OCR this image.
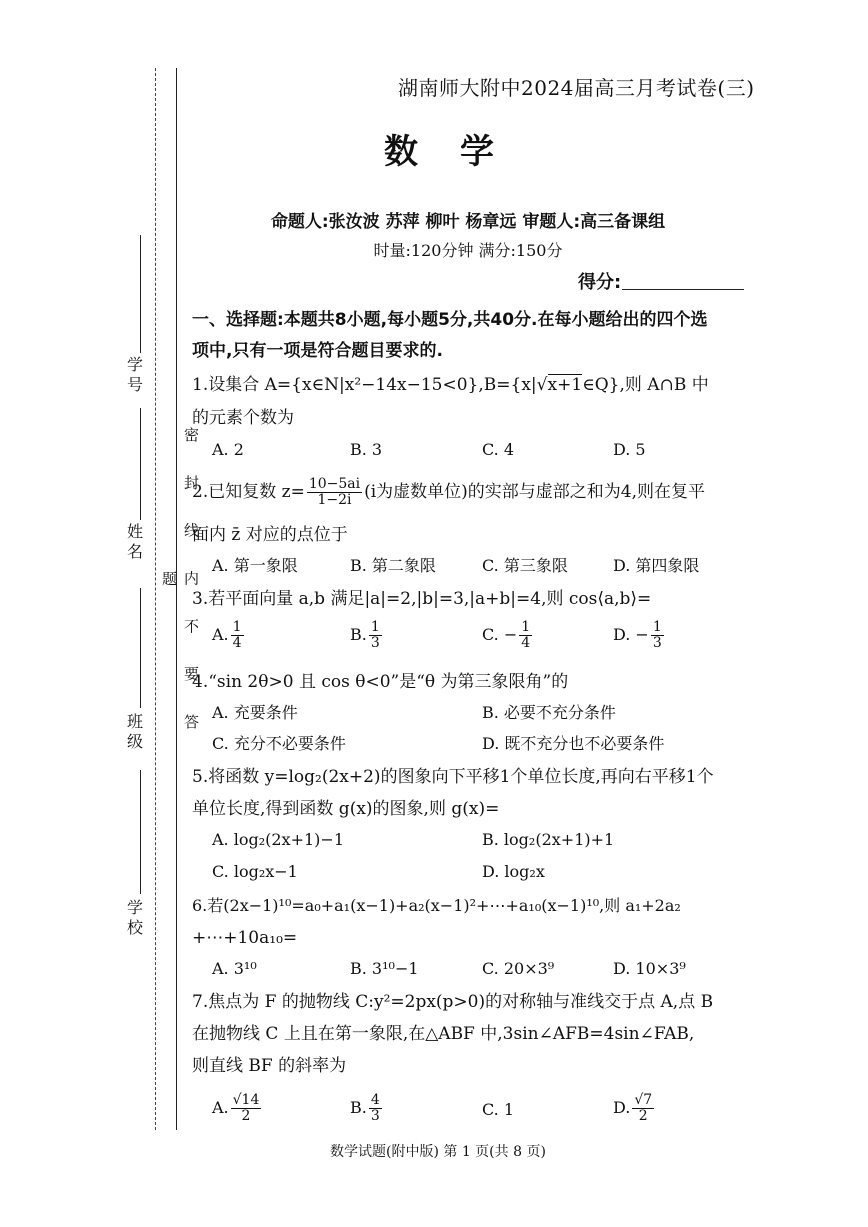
学 号
姓 名
班 级
学 校
密 封 线 内 不 要 答 题
湖南师大附中2024届高三月考试卷(三)
数学
命题人:张汝波 苏萍 柳叶 杨章远 审题人:高三备课组
时量:120分钟 满分:150分
得分:
一、选择题:本题共8小题,每小题5分,共40分.在每小题给出的四个选
项中,只有一项是符合题目要求的.
1.设集合 A={x∈N|x²−14x−15<0},B={x|√x+1∈Q},则 A∩B 中
的元素个数为
A. 2	B. 3	C. 4	D. 5
2.已知复数 $z= \frac{10-5ai}{1-2i} (i$为虚数单位)的实部与虚部之和为4,则在复平
面内 z̄ 对应的点位于
A. 第一象限	B. 第二象限	C. 第三象限	D. 第四象限
3.若平面向量 a,b 满足|a|=2,|b|=3,|a+b|=4,则 cos⟨a,b⟩=
A. $\frac{1}{4}$	B. $\frac{1}{3}$	C. − $\frac{1}{4}$	D. − $\frac{1}{3}$
4.“sin 2θ>0 且 cos θ<0”是“θ 为第三象限角”的
A. 充要条件	B. 必要不充分条件
C. 充分不必要条件	D. 既不充分也不必要条件
5.将函数 y=log₂(2x+2)的图象向下平移1个单位长度,再向右平移1个
单位长度,得到函数 g(x)的图象,则 g(x)=
A. log₂(2x+1)−1	B. log₂(2x+1)+1
C. log₂x−1	D. log₂x
6.若(2x−1)¹⁰=a₀+a₁(x−1)+a₂(x−1)²+⋯+a₁₀(x−1)¹⁰,则 a₁+2a₂
+⋯+10a₁₀=
A. 3¹⁰	B. 3¹⁰−1	C. 20×3⁹	D. 10×3⁹
7.焦点为 F 的抛物线 C:y²=2px(p>0)的对称轴与准线交于点 A,点 B
在抛物线 C 上且在第一象限,在△ABF 中,3sin∠AFB=4sin∠FAB,
则直线 BF 的斜率为
A. $\frac{√14}{2}$	B. $\frac{4}{3}$	C. 1	D. $\frac{√7}{2}$
数学试题(附中版) 第 1 页(共 8 页)
